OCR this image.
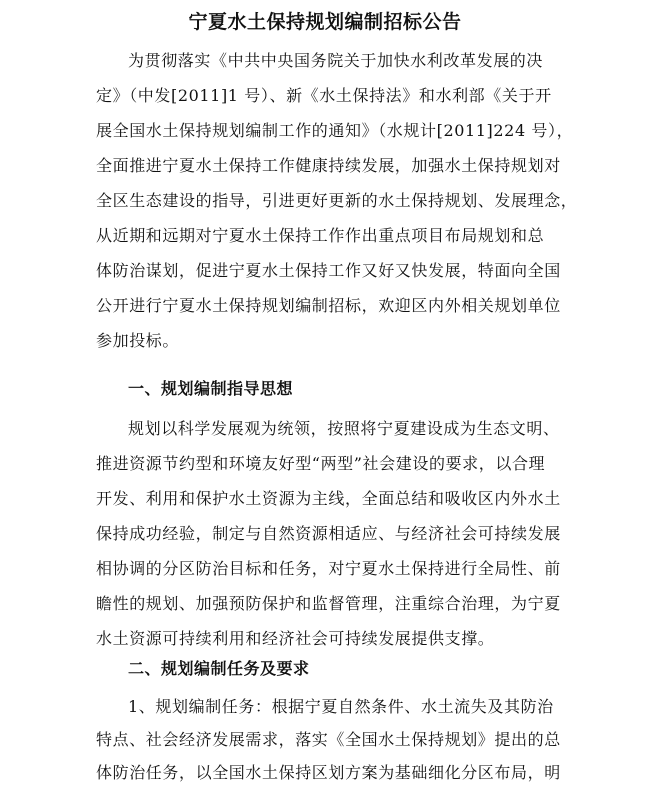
宁夏水土保持规划编制招标公告
为贯彻落实《中共中央国务院关于加快水利改革发展的决
定》（中发[2011]1 号）、新《水土保持法》和水利部《关于开
展全国水土保持规划编制工作的通知》（水规计[2011]224 号），
全面推进宁夏水土保持工作健康持续发展，加强水土保持规划对
全区生态建设的指导，引进更好更新的水土保持规划、发展理念，
从近期和远期对宁夏水土保持工作作出重点项目布局规划和总
体防治谋划，促进宁夏水土保持工作又好又快发展，特面向全国
公开进行宁夏水土保持规划编制招标，欢迎区内外相关规划单位
参加投标。
一、规划编制指导思想
规划以科学发展观为统领，按照将宁夏建设成为生态文明、
推进资源节约型和环境友好型“两型”社会建设的要求，以合理
开发、利用和保护水土资源为主线，全面总结和吸收区内外水土
保持成功经验，制定与自然资源相适应、与经济社会可持续发展
相协调的分区防治目标和任务，对宁夏水土保持进行全局性、前
瞻性的规划、加强预防保护和监督管理，注重综合治理，为宁夏
水土资源可持续利用和经济社会可持续发展提供支撑。
二、规划编制任务及要求
1、规划编制任务：根据宁夏自然条件、水土流失及其防治
特点、社会经济发展需求，落实《全国水土保持规划》提出的总
体防治任务，以全国水土保持区划方案为基础细化分区布局，明
